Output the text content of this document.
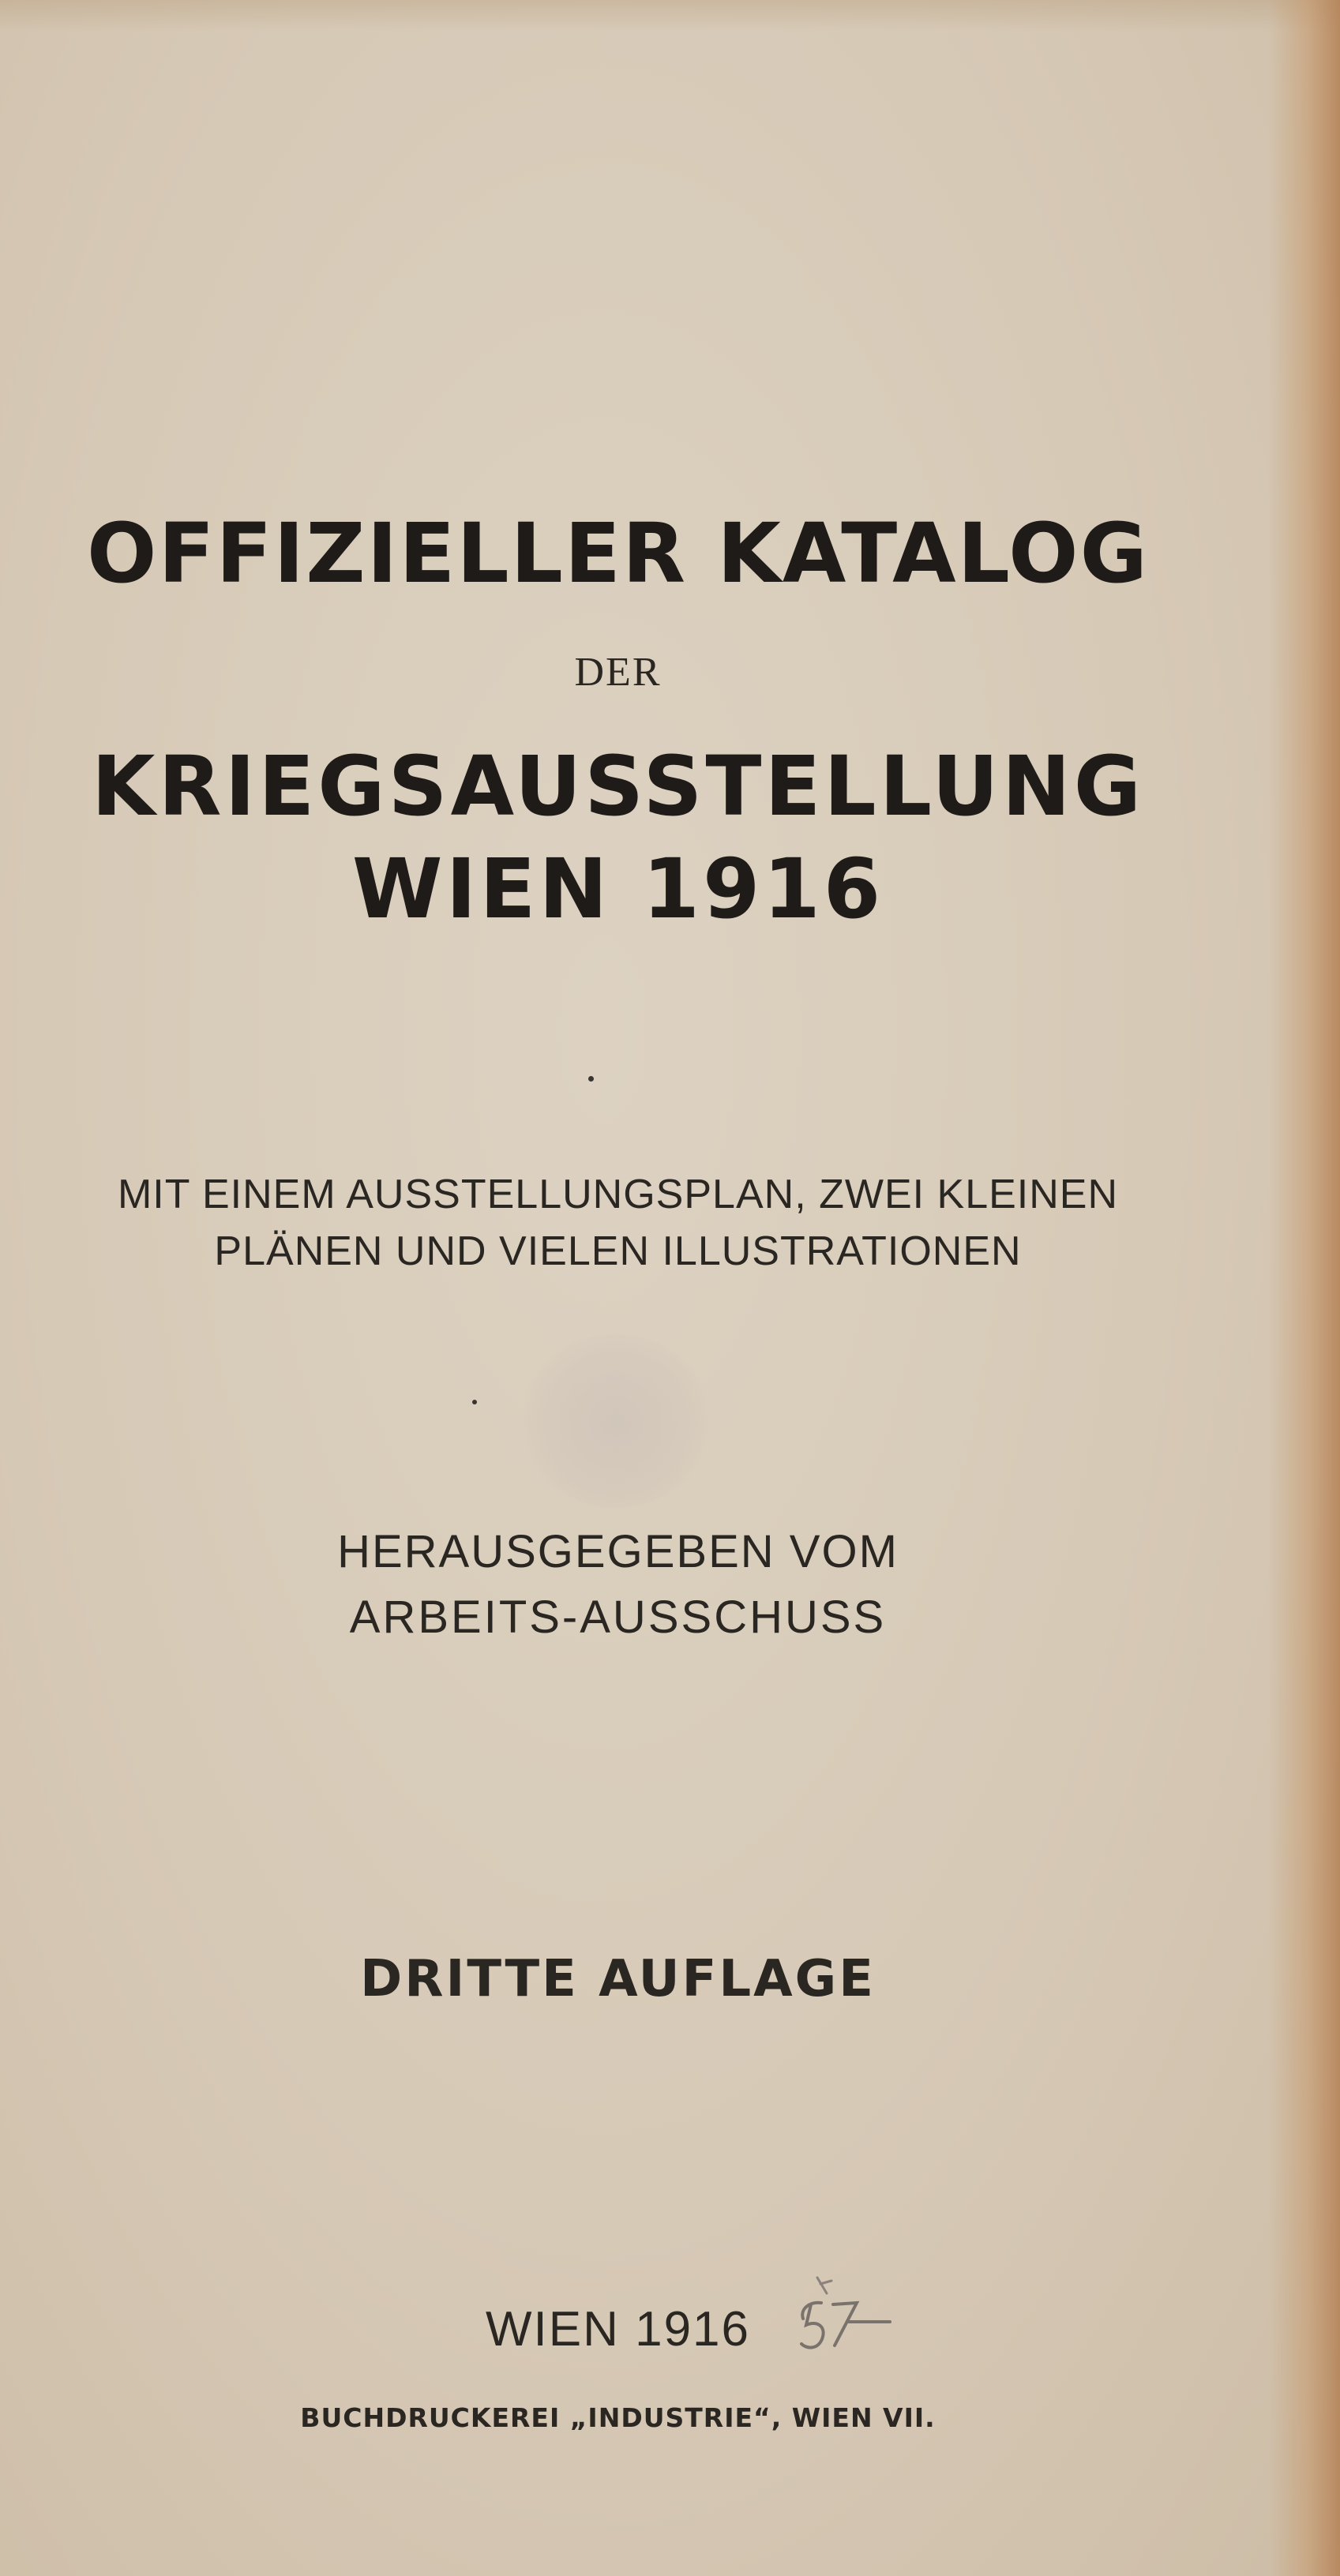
OFFIZIELLER KATALOG
DER
KRIEGSAUSSTELLUNG
WIEN 1916
MIT EINEM AUSSTELLUNGSPLAN, ZWEI KLEINEN
PLÄNEN UND VIELEN ILLUSTRATIONEN
HERAUSGEGEBEN VOM
ARBEITS-AUSSCHUSS
DRITTE AUFLAGE
WIEN 1916
BUCHDRUCKEREI „INDUSTRIE“, WIEN VII.
